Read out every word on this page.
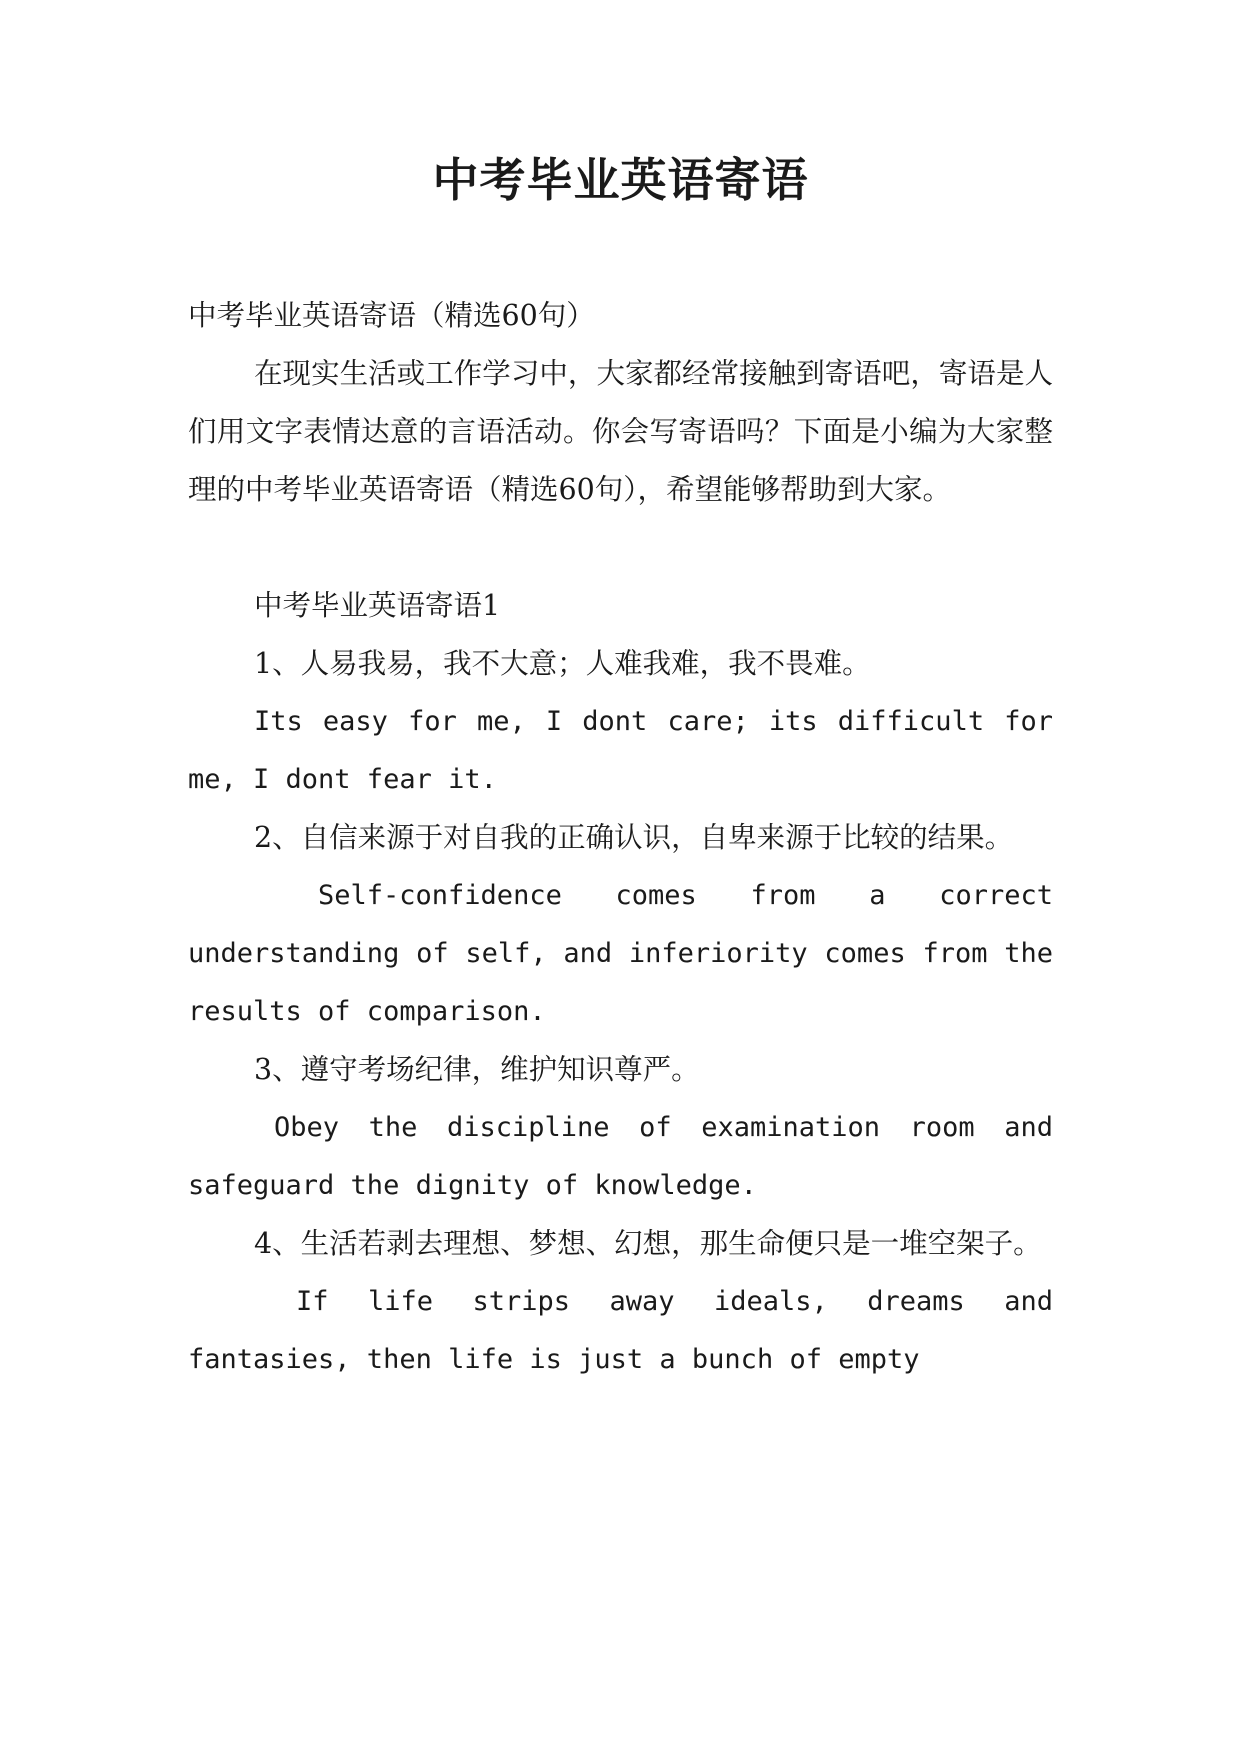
中考毕业英语寄语

中考毕业英语寄语（精选60句）

在现实生活或工作学习中，大家都经常接触到寄语吧，寄语是人们用文字表情达意的言语活动。你会写寄语吗？下面是小编为大家整理的中考毕业英语寄语（精选60句），希望能够帮助到大家。

中考毕业英语寄语1

1、人易我易，我不大意；人难我难，我不畏难。

Its easy for me, I dont care; its difficult for me, I dont fear it.

2、自信来源于对自我的正确认识，自卑来源于比较的结果。

Self-confidence comes from a correct understanding of self, and inferiority comes from the results of comparison.

3、遵守考场纪律，维护知识尊严。

Obey the discipline of examination room and safeguard the dignity of knowledge.

4、生活若剥去理想、梦想、幻想，那生命便只是一堆空架子。

If life strips away ideals, dreams and fantasies, then life is just a bunch of empty
